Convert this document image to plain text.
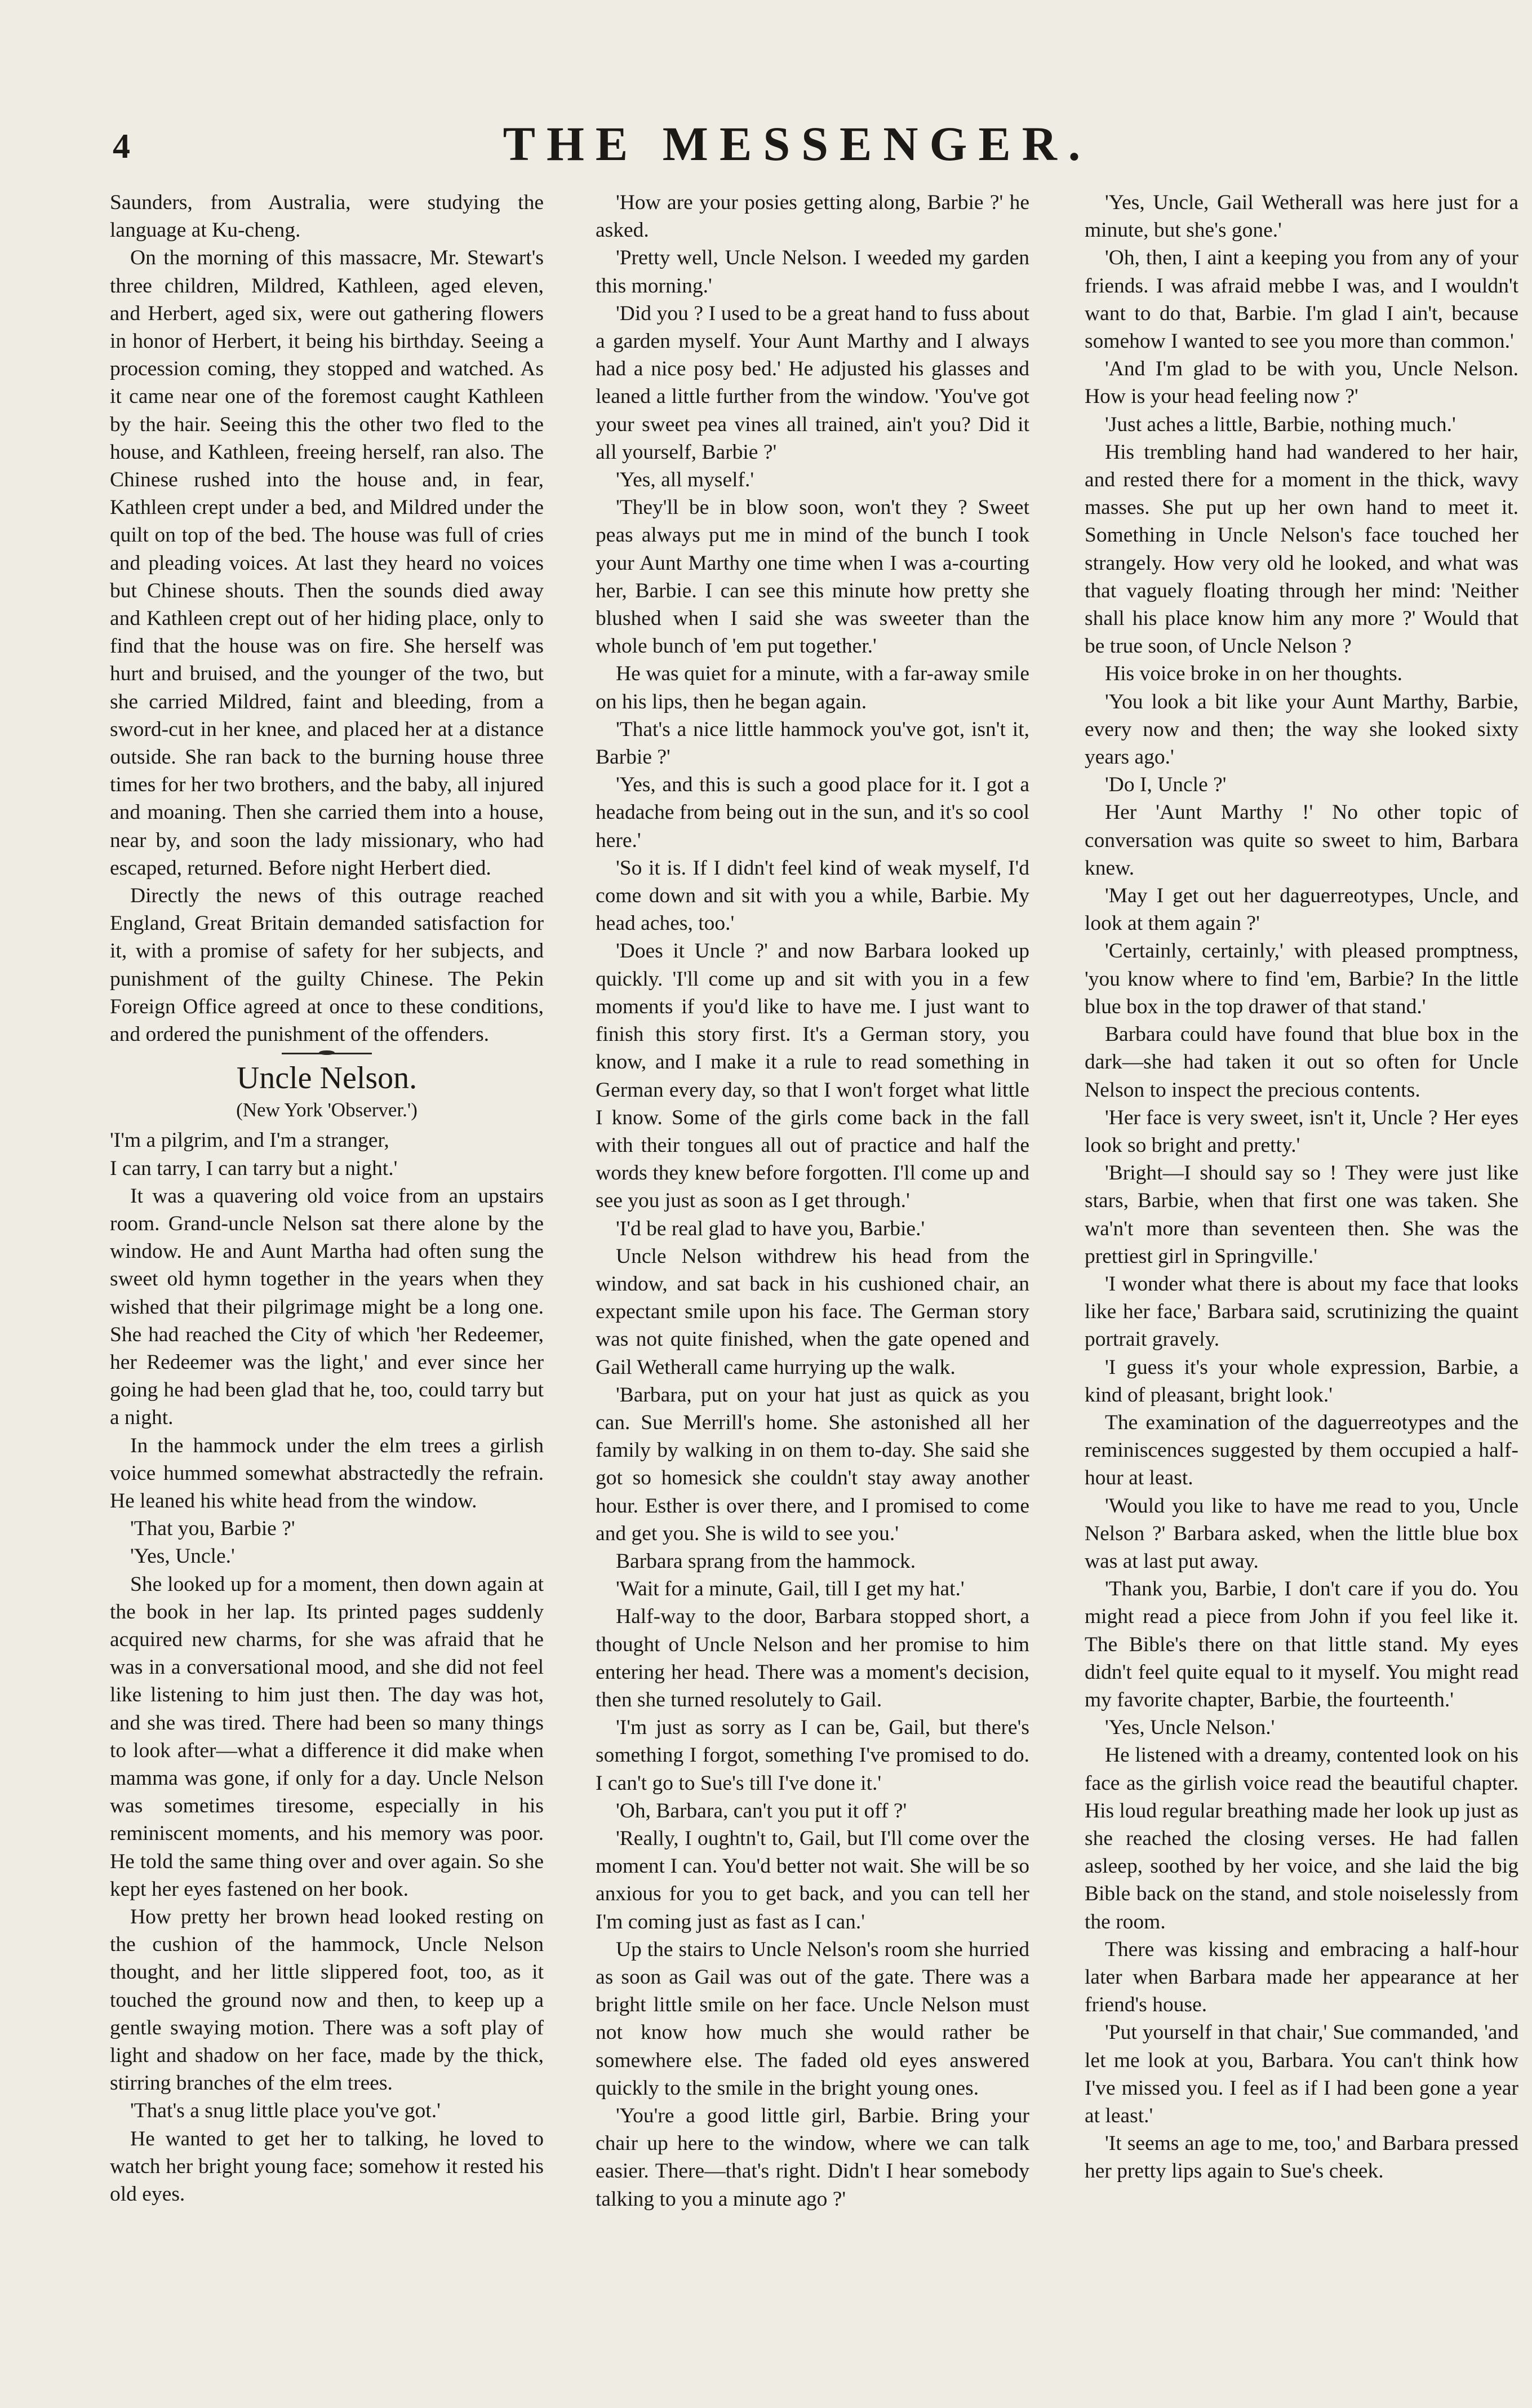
4	THE MESSENGER.

Saunders, from Australia, were studying the language at Ku-cheng.

On the morning of this massacre, Mr. Stewart's three children, Mildred, Kathleen, aged eleven, and Herbert, aged six, were out gathering flowers in honor of Herbert, it being his birthday. Seeing a procession coming, they stopped and watched. As it came near one of the foremost caught Kathleen by the hair. Seeing this the other two fled to the house, and Kathleen, freeing herself, ran also. The Chinese rushed into the house and, in fear, Kathleen crept under a bed, and Mildred under the quilt on top of the bed. The house was full of cries and pleading voices. At last they heard no voices but Chinese shouts. Then the sounds died away and Kathleen crept out of her hiding place, only to find that the house was on fire. She herself was hurt and bruised, and the younger of the two, but she carried Mildred, faint and bleeding, from a sword-cut in her knee, and placed her at a distance outside. She ran back to the burning house three times for her two brothers, and the baby, all injured and moaning. Then she carried them into a house, near by, and soon the lady missionary, who had escaped, returned. Before night Herbert died.

Directly the news of this outrage reached England, Great Britain demanded satisfaction for it, with a promise of safety for her subjects, and punishment of the guilty Chinese. The Pekin Foreign Office agreed at once to these conditions, and ordered the punishment of the offenders.

Uncle Nelson.
(New York 'Observer.')

'I'm a pilgrim, and I'm a stranger,

I can tarry, I can tarry but a night.'

It was a quavering old voice from an upstairs room. Grand-uncle Nelson sat there alone by the window. He and Aunt Martha had often sung the sweet old hymn together in the years when they wished that their pilgrimage might be a long one. She had reached the City of which 'her Redeemer, her Redeemer was the light,' and ever since her going he had been glad that he, too, could tarry but a night.

In the hammock under the elm trees a girlish voice hummed somewhat abstractedly the refrain. He leaned his white head from the window.

'That you, Barbie ?'

'Yes, Uncle.'

She looked up for a moment, then down again at the book in her lap. Its printed pages suddenly acquired new charms, for she was afraid that he was in a conversational mood, and she did not feel like listening to him just then. The day was hot, and she was tired. There had been so many things to look after—what a difference it did make when mamma was gone, if only for a day. Uncle Nelson was sometimes tiresome, especially in his reminiscent moments, and his memory was poor. He told the same thing over and over again. So she kept her eyes fastened on her book.

How pretty her brown head looked resting on the cushion of the hammock, Uncle Nelson thought, and her little slippered foot, too, as it touched the ground now and then, to keep up a gentle swaying motion. There was a soft play of light and shadow on her face, made by the thick, stirring branches of the elm trees.

'That's a snug little place you've got.'

He wanted to get her to talking, he loved to watch her bright young face; somehow it rested his old eyes.

'How are your posies getting along, Barbie ?' he asked.

'Pretty well, Uncle Nelson. I weeded my garden this morning.'

'Did you ? I used to be a great hand to fuss about a garden myself. Your Aunt Marthy and I always had a nice posy bed.' He adjusted his glasses and leaned a little further from the window. 'You've got your sweet pea vines all trained, ain't you? Did it all yourself, Barbie ?'

'Yes, all myself.'

'They'll be in blow soon, won't they ? Sweet peas always put me in mind of the bunch I took your Aunt Marthy one time when I was a-courting her, Barbie. I can see this minute how pretty she blushed when I said she was sweeter than the whole bunch of 'em put together.'

He was quiet for a minute, with a far-away smile on his lips, then he began again.

'That's a nice little hammock you've got, isn't it, Barbie ?'

'Yes, and this is such a good place for it. I got a headache from being out in the sun, and it's so cool here.'

'So it is. If I didn't feel kind of weak myself, I'd come down and sit with you a while, Barbie. My head aches, too.'

'Does it Uncle ?' and now Barbara looked up quickly. 'I'll come up and sit with you in a few moments if you'd like to have me. I just want to finish this story first. It's a German story, you know, and I make it a rule to read something in German every day, so that I won't forget what little I know. Some of the girls come back in the fall with their tongues all out of practice and half the words they knew before forgotten. I'll come up and see you just as soon as I get through.'

'I'd be real glad to have you, Barbie.'

Uncle Nelson withdrew his head from the window, and sat back in his cushioned chair, an expectant smile upon his face. The German story was not quite finished, when the gate opened and Gail Wetherall came hurrying up the walk.

'Barbara, put on your hat just as quick as you can. Sue Merrill's home. She astonished all her family by walking in on them to-day. She said she got so homesick she couldn't stay away another hour. Esther is over there, and I promised to come and get you. She is wild to see you.'

Barbara sprang from the hammock.

'Wait for a minute, Gail, till I get my hat.'

Half-way to the door, Barbara stopped short, a thought of Uncle Nelson and her promise to him entering her head. There was a moment's decision, then she turned resolutely to Gail.

'I'm just as sorry as I can be, Gail, but there's something I forgot, something I've promised to do. I can't go to Sue's till I've done it.'

'Oh, Barbara, can't you put it off ?'

'Really, I oughtn't to, Gail, but I'll come over the moment I can. You'd better not wait. She will be so anxious for you to get back, and you can tell her I'm coming just as fast as I can.'

Up the stairs to Uncle Nelson's room she hurried as soon as Gail was out of the gate. There was a bright little smile on her face. Uncle Nelson must not know how much she would rather be somewhere else. The faded old eyes answered quickly to the smile in the bright young ones.

'You're a good little girl, Barbie. Bring your chair up here to the window, where we can talk easier. There—that's right. Didn't I hear somebody talking to you a minute ago ?'

'Yes, Uncle, Gail Wetherall was here just for a minute, but she's gone.'

'Oh, then, I aint a keeping you from any of your friends. I was afraid mebbe I was, and I wouldn't want to do that, Barbie. I'm glad I ain't, because somehow I wanted to see you more than common.'

'And I'm glad to be with you, Uncle Nelson. How is your head feeling now ?'

'Just aches a little, Barbie, nothing much.'

His trembling hand had wandered to her hair, and rested there for a moment in the thick, wavy masses. She put up her own hand to meet it. Something in Uncle Nelson's face touched her strangely. How very old he looked, and what was that vaguely floating through her mind: 'Neither shall his place know him any more ?' Would that be true soon, of Uncle Nelson ?

His voice broke in on her thoughts.

'You look a bit like your Aunt Marthy, Barbie, every now and then; the way she looked sixty years ago.'

'Do I, Uncle ?'

Her 'Aunt Marthy !' No other topic of conversation was quite so sweet to him, Barbara knew.

'May I get out her daguerreotypes, Uncle, and look at them again ?'

'Certainly, certainly,' with pleased promptness, 'you know where to find 'em, Barbie? In the little blue box in the top drawer of that stand.'

Barbara could have found that blue box in the dark—she had taken it out so often for Uncle Nelson to inspect the precious contents.

'Her face is very sweet, isn't it, Uncle ? Her eyes look so bright and pretty.'

'Bright—I should say so ! They were just like stars, Barbie, when that first one was taken. She wa'n't more than seventeen then. She was the prettiest girl in Springville.'

'I wonder what there is about my face that looks like her face,' Barbara said, scrutinizing the quaint portrait gravely.

'I guess it's your whole expression, Barbie, a kind of pleasant, bright look.'

The examination of the daguerreotypes and the reminiscences suggested by them occupied a half-hour at least.

'Would you like to have me read to you, Uncle Nelson ?' Barbara asked, when the little blue box was at last put away.

'Thank you, Barbie, I don't care if you do. You might read a piece from John if you feel like it. The Bible's there on that little stand. My eyes didn't feel quite equal to it myself. You might read my favorite chapter, Barbie, the fourteenth.'

'Yes, Uncle Nelson.'

He listened with a dreamy, contented look on his face as the girlish voice read the beautiful chapter. His loud regular breathing made her look up just as she reached the closing verses. He had fallen asleep, soothed by her voice, and she laid the big Bible back on the stand, and stole noiselessly from the room.

There was kissing and embracing a half-hour later when Barbara made her appearance at her friend's house.

'Put yourself in that chair,' Sue commanded, 'and let me look at you, Barbara. You can't think how I've missed you. I feel as if I had been gone a year at least.'

'It seems an age to me, too,' and Barbara pressed her pretty lips again to Sue's cheek.
